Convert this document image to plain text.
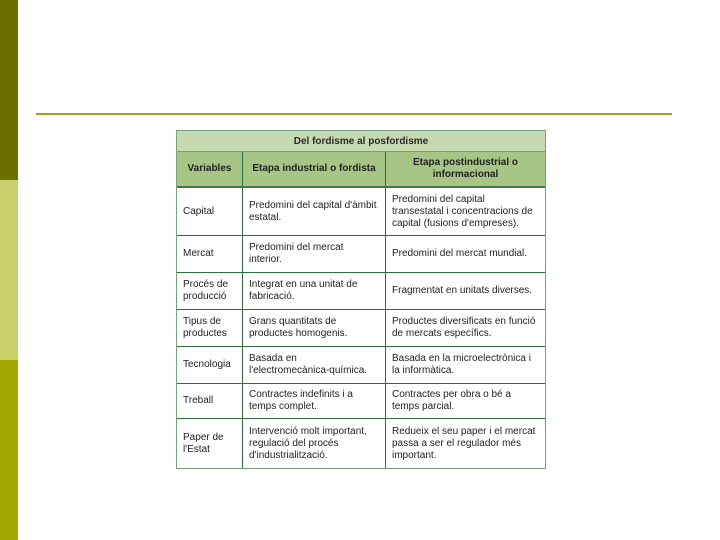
Del fordisme al posfordisme
Variables	Etapa industrial o fordista
Etapa postindustrial o informacional
Capital
Predomini del capital d'àmbit estatal.
Predomini del capital transestatal i concentracions de capital (fusions d'empreses).
Mercat
Predomini del mercat interior.
Predomini del mercat mundial.
Procés de producció
Integrat en una unitat de fabricació.
Fragmentat en unitats diverses.
Tipus de productes
Grans quantitats de productes homogenis.
Productes diversificats en funció de mercats específics.
Tecnologia
Basada en l'electromecànica-química.
Basada en la microelectrònica i la informàtica.
Treball
Contractes indefinits i a temps complet.
Contractes per obra o bé a temps parcial.
Paper de l'Estat
Intervenció molt important, regulació del procés d'industrialització.
Redueix el seu paper i el mercat passa a ser el regulador més important.
